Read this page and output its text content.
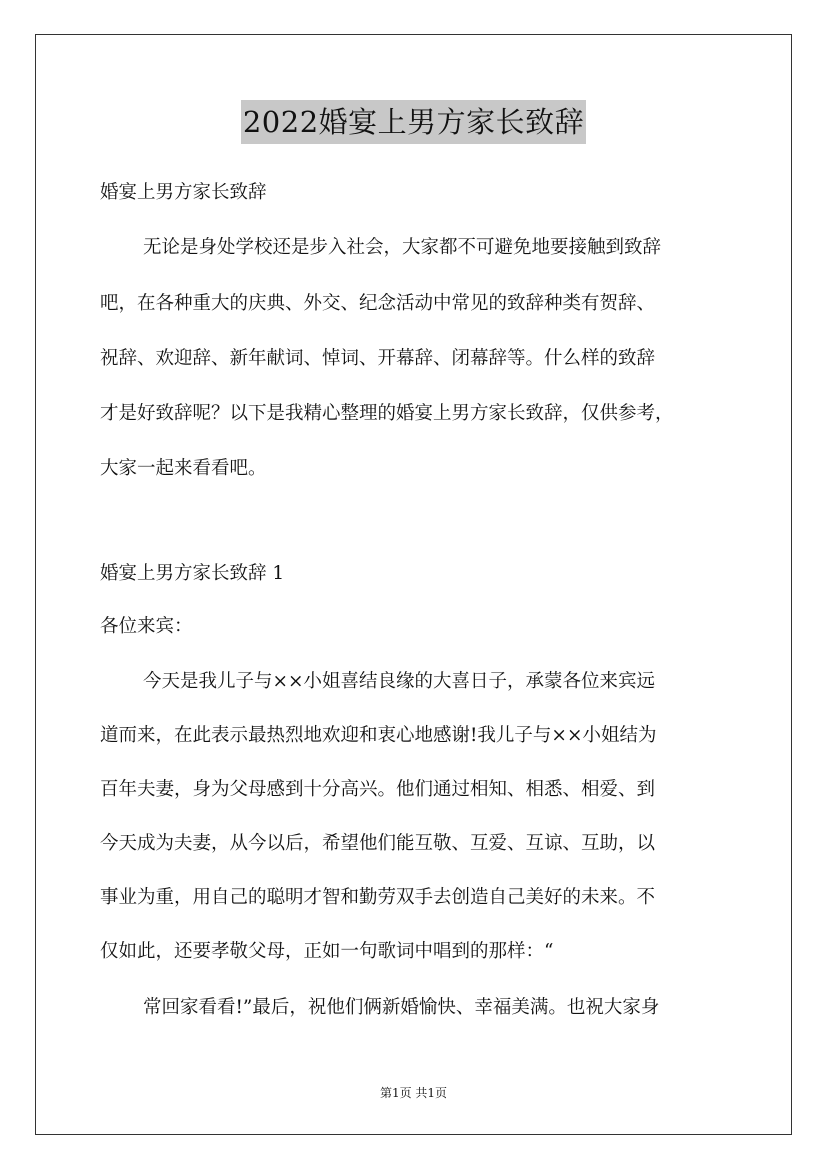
2022婚宴上男方家长致辞
婚宴上男方家长致辞
无论是身处学校还是步入社会，大家都不可避免地要接触到致辞
吧，在各种重大的庆典、外交、纪念活动中常见的致辞种类有贺辞、
祝辞、欢迎辞、新年献词、悼词、开幕辞、闭幕辞等。什么样的致辞
才是好致辞呢？以下是我精心整理的婚宴上男方家长致辞，仅供参考，
大家一起来看看吧。
婚宴上男方家长致辞 1
各位来宾：
今天是我儿子与××小姐喜结良缘的大喜日子，承蒙各位来宾远
道而来，在此表示最热烈地欢迎和衷心地感谢!我儿子与××小姐结为
百年夫妻，身为父母感到十分高兴。他们通过相知、相悉、相爱、到
今天成为夫妻，从今以后，希望他们能互敬、互爱、互谅、互助，以
事业为重，用自己的聪明才智和勤劳双手去创造自己美好的未来。不
仅如此，还要孝敬父母，正如一句歌词中唱到的那样：“
常回家看看!”最后，祝他们俩新婚愉快、幸福美满。也祝大家身
第1页 共1页
